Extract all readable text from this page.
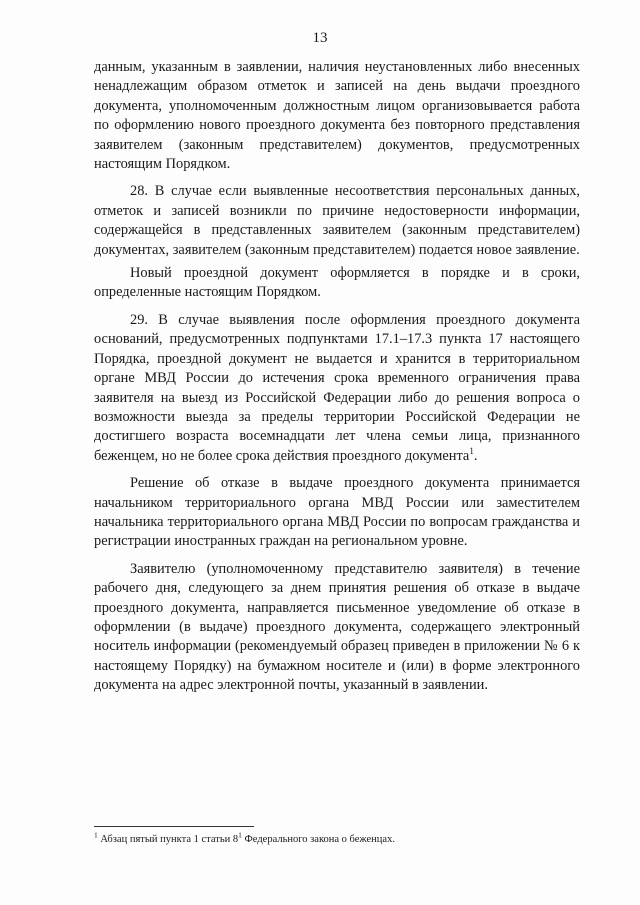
13

данным, указанным в заявлении, наличия неустановленных либо внесенных ненадлежащим образом отметок и записей на день выдачи проездного документа, уполномоченным должностным лицом организовывается работа по оформлению нового проездного документа без повторного представления заявителем (законным представителем) документов, предусмотренных настоящим Порядком.

28. В случае если выявленные несоответствия персональных данных, отметок и записей возникли по причине недостоверности информации, содержащейся в представленных заявителем (законным представителем) документах, заявителем (законным представителем) подается новое заявление.

Новый проездной документ оформляется в порядке и в сроки, определенные настоящим Порядком.

29. В случае выявления после оформления проездного документа оснований, предусмотренных подпунктами 17.1–17.3 пункта 17 настоящего Порядка, проездной документ не выдается и хранится в территориальном органе МВД России до истечения срока временного ограничения права заявителя на выезд из Российской Федерации либо до решения вопроса о возможности выезда за пределы территории Российской Федерации не достигшего возраста восемнадцати лет члена семьи лица, признанного беженцем, но не более срока действия проездного документа$^1$.

Решение об отказе в выдаче проездного документа принимается начальником территориального органа МВД России или заместителем начальника территориального органа МВД России по вопросам гражданства и регистрации иностранных граждан на региональном уровне.

Заявителю (уполномоченному представителю заявителя) в течение рабочего дня, следующего за днем принятия решения об отказе в выдаче проездного документа, направляется письменное уведомление об отказе в оформлении (в выдаче) проездного документа, содержащего электронный носитель информации (рекомендуемый образец приведен в приложении № 6 к настоящему Порядку) на бумажном носителе и (или) в форме электронного документа на адрес электронной почты, указанный в заявлении.

$^1$ Абзац пятый пункта 1 статьи 8$^1$ Федерального закона о беженцах.
